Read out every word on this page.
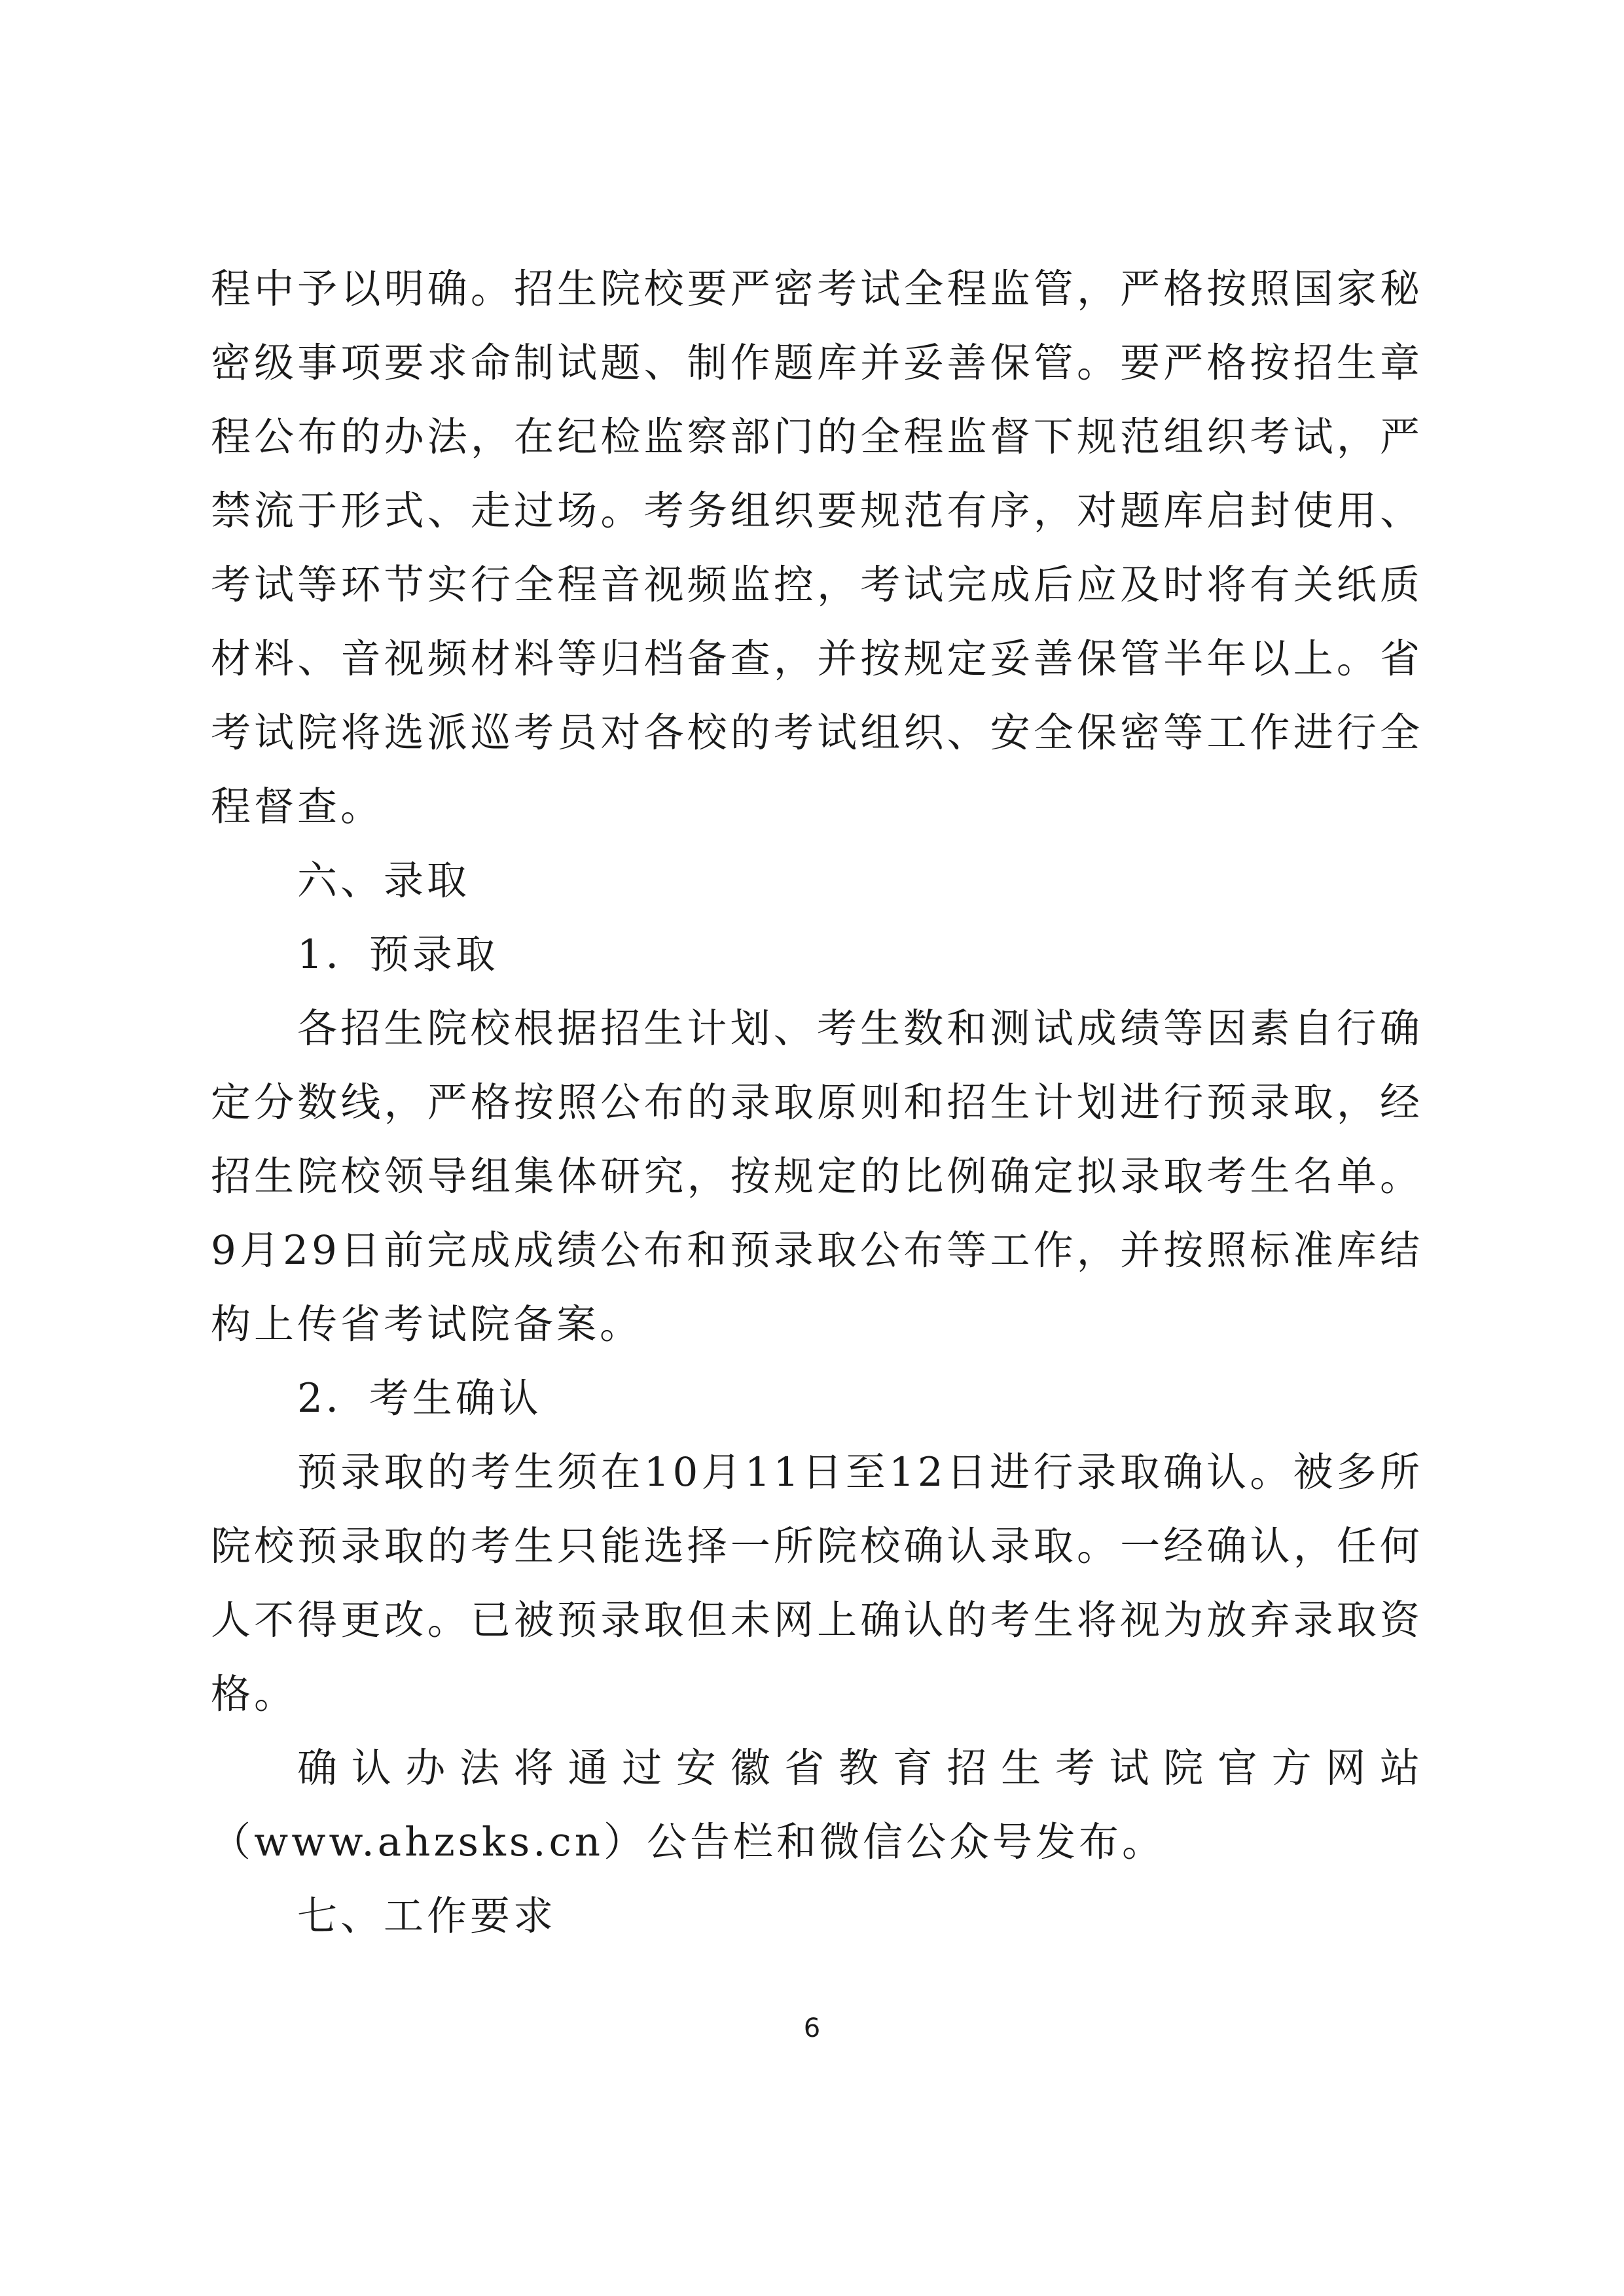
程中予以明确。招生院校要严密考试全程监管，严格按照国家秘密级事项要求命制试题、制作题库并妥善保管。要严格按招生章程公布的办法，在纪检监察部门的全程监督下规范组织考试，严禁流于形式、走过场。考务组织要规范有序，对题库启封使用、考试等环节实行全程音视频监控，考试完成后应及时将有关纸质材料、音视频材料等归档备查，并按规定妥善保管半年以上。省考试院将选派巡考员对各校的考试组织、安全保密等工作进行全程督查。

六、录取

1．预录取

各招生院校根据招生计划、考生数和测试成绩等因素自行确定分数线，严格按照公布的录取原则和招生计划进行预录取，经招生院校领导组集体研究，按规定的比例确定拟录取考生名单。9月29日前完成成绩公布和预录取公布等工作，并按照标准库结构上传省考试院备案。

2．考生确认

预录取的考生须在10月11日至12日进行录取确认。被多所院校预录取的考生只能选择一所院校确认录取。一经确认，任何人不得更改。已被预录取但未网上确认的考生将视为放弃录取资格。

确认办法将通过安徽省教育招生考试院官方网站（www.ahzsks.cn）公告栏和微信公众号发布。

七、工作要求

6
